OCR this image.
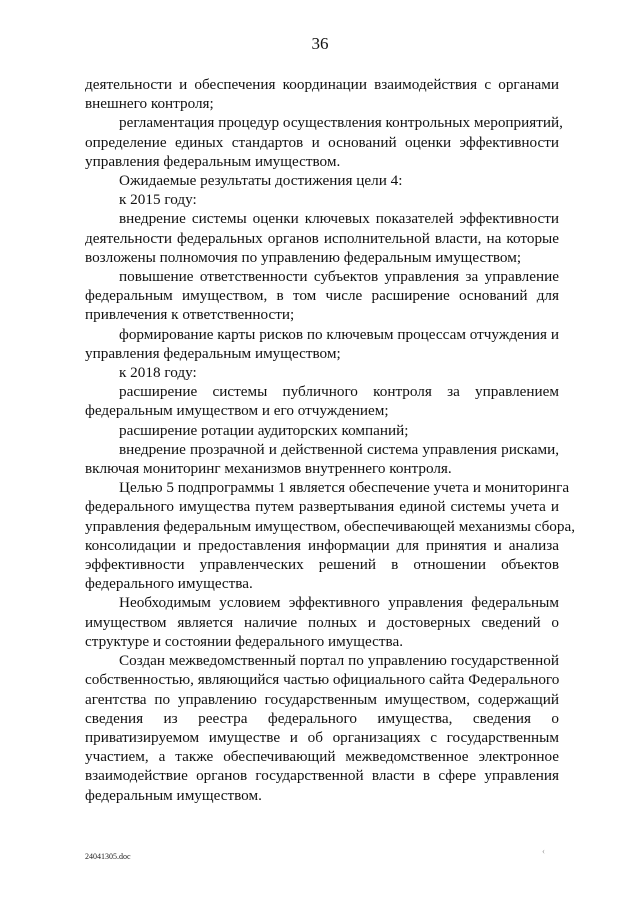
36
деятельности и обеспечения координации взаимодействия с органами
внешнего контроля;
регламентация процедур осуществления контрольных мероприятий,
определение единых стандартов и оснований оценки эффективности
управления федеральным имуществом.
Ожидаемые результаты достижения цели 4:
к 2015 году:
внедрение системы оценки ключевых показателей эффективности
деятельности федеральных органов исполнительной власти, на которые
возложены полномочия по управлению федеральным имуществом;
повышение ответственности субъектов управления за управление
федеральным имуществом, в том числе расширение оснований для
привлечения к ответственности;
формирование карты рисков по ключевым процессам отчуждения и
управления федеральным имуществом;
к 2018 году:
расширение системы публичного контроля за управлением
федеральным имуществом и его отчуждением;
расширение ротации аудиторских компаний;
внедрение прозрачной и действенной система управления рисками,
включая мониторинг механизмов внутреннего контроля.
Целью 5 подпрограммы 1 является обеспечение учета и мониторинга
федерального имущества путем развертывания единой системы учета и
управления федеральным имуществом, обеспечивающей механизмы сбора,
консолидации и предоставления информации для принятия и анализа
эффективности управленческих решений в отношении объектов
федерального имущества.
Необходимым условием эффективного управления федеральным
имуществом является наличие полных и достоверных сведений о
структуре и состоянии федерального имущества.
Создан межведомственный портал по управлению государственной
собственностью, являющийся частью официального сайта Федерального
агентства по управлению государственным имуществом, содержащий
сведения из реестра федерального имущества, сведения о
приватизируемом имуществе и об организациях с государственным
участием, а также обеспечивающий межведомственное электронное
взаимодействие органов государственной власти в сфере управления
федеральным имуществом.
24041305.doc
‹
